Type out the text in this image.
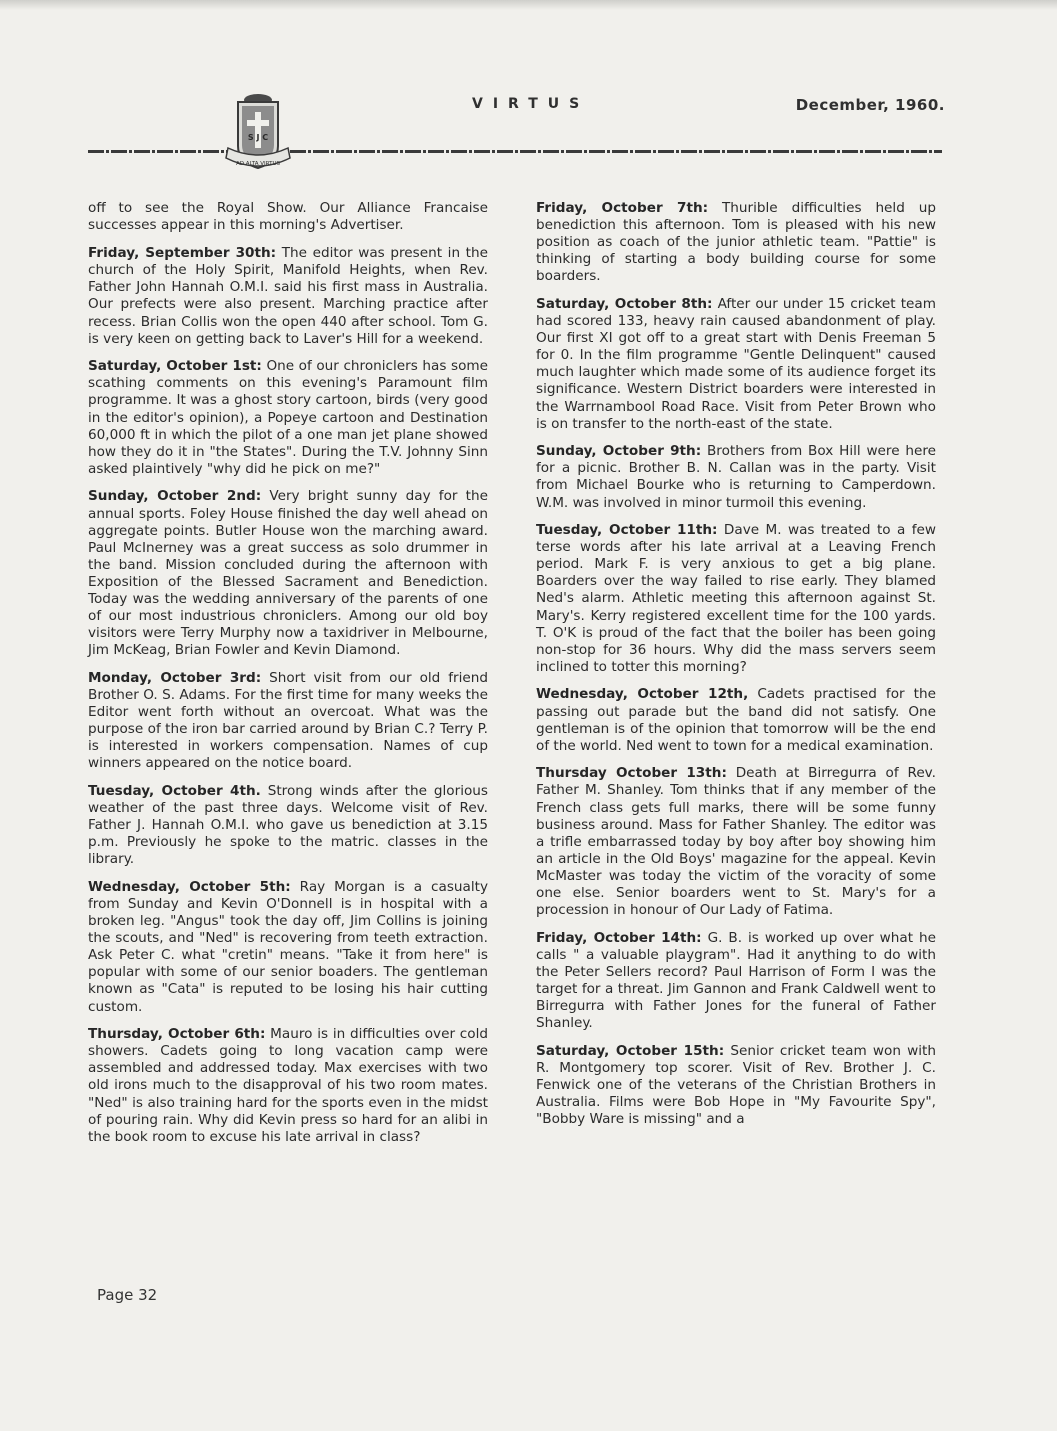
S J C
AD ALTA VIRTUS
VIRTUS	December, 1960.

off to see the Royal Show. Our Alliance Francaise successes appear in this morning's Advertiser.

Friday, September 30th: The editor was present in the church of the Holy Spirit, Manifold Heights, when Rev. Father John Hannah O.M.I. said his first mass in Australia. Our prefects were also present. Marching practice after recess. Brian Collis won the open 440 after school. Tom G. is very keen on getting back to Laver's Hill for a weekend.

Saturday, October 1st: One of our chroniclers has some scathing comments on this evening's Paramount film programme. It was a ghost story cartoon, birds (very good in the editor's opinion), a Popeye cartoon and Destination 60,000 ft in which the pilot of a one man jet plane showed how they do it in "the States". During the T.V. Johnny Sinn asked plaintively "why did he pick on me?"

Sunday, October 2nd: Very bright sunny day for the annual sports. Foley House finished the day well ahead on aggregate points. Butler House won the marching award. Paul McInerney was a great success as solo drummer in the band. Mission concluded during the afternoon with Exposition of the Blessed Sacrament and Benediction. Today was the wedding anniversary of the parents of one of our most industrious chroniclers. Among our old boy visitors were Terry Murphy now a taxidriver in Melbourne, Jim McKeag, Brian Fowler and Kevin Diamond.

Monday, October 3rd: Short visit from our old friend Brother O. S. Adams. For the first time for many weeks the Editor went forth without an overcoat. What was the purpose of the iron bar carried around by Brian C.? Terry P. is interested in workers compensation. Names of cup winners appeared on the notice board.

Tuesday, October 4th. Strong winds after the glorious weather of the past three days. Welcome visit of Rev. Father J. Hannah O.M.I. who gave us benediction at 3.15 p.m. Previously he spoke to the matric. classes in the library.

Wednesday, October 5th: Ray Morgan is a casualty from Sunday and Kevin O'Donnell is in hospital with a broken leg. "Angus" took the day off, Jim Collins is joining the scouts, and "Ned" is recovering from teeth extraction. Ask Peter C. what "cretin" means. "Take it from here" is popular with some of our senior boaders. The gentleman known as "Cata" is reputed to be losing his hair cutting custom.

Thursday, October 6th: Mauro is in difficulties over cold showers. Cadets going to long vacation camp were assembled and addressed today. Max exercises with two old irons much to the disapproval of his two room mates. "Ned" is also training hard for the sports even in the midst of pouring rain. Why did Kevin press so hard for an alibi in the book room to excuse his late arrival in class?

Friday, October 7th: Thurible difficulties held up benediction this afternoon. Tom is pleased with his new position as coach of the junior athletic team. "Pattie" is thinking of starting a body building course for some boarders.

Saturday, October 8th: After our under 15 cricket team had scored 133, heavy rain caused abandonment of play. Our first XI got off to a great start with Denis Freeman 5 for 0. In the film programme "Gentle Delinquent" caused much laughter which made some of its audience forget its significance. Western District boarders were interested in the Warrnambool Road Race. Visit from Peter Brown who is on transfer to the north-east of the state.

Sunday, October 9th: Brothers from Box Hill were here for a picnic. Brother B. N. Callan was in the party. Visit from Michael Bourke who is returning to Camperdown. W.M. was involved in minor turmoil this evening.

Tuesday, October 11th: Dave M. was treated to a few terse words after his late arrival at a Leaving French period. Mark F. is very anxious to get a big plane. Boarders over the way failed to rise early. They blamed Ned's alarm. Athletic meeting this afternoon against St. Mary's. Kerry registered excellent time for the 100 yards. T. O'K is proud of the fact that the boiler has been going non-stop for 36 hours. Why did the mass servers seem inclined to totter this morning?

Wednesday, October 12th, Cadets practised for the passing out parade but the band did not satisfy. One gentleman is of the opinion that tomorrow will be the end of the world. Ned went to town for a medical examination.

Thursday October 13th: Death at Birregurra of Rev. Father M. Shanley. Tom thinks that if any member of the French class gets full marks, there will be some funny business around. Mass for Father Shanley. The editor was a trifle embarrassed today by boy after boy showing him an article in the Old Boys' magazine for the appeal. Kevin McMaster was today the victim of the voracity of some one else. Senior boarders went to St. Mary's for a procession in honour of Our Lady of Fatima.

Friday, October 14th: G. B. is worked up over what he calls " a valuable playgram". Had it anything to do with the Peter Sellers record? Paul Harrison of Form I was the target for a threat. Jim Gannon and Frank Caldwell went to Birregurra with Father Jones for the funeral of Father Shanley.

Saturday, October 15th: Senior cricket team won with R. Montgomery top scorer. Visit of Rev. Brother J. C. Fenwick one of the veterans of the Christian Brothers in Australia. Films were Bob Hope in "My Favourite Spy", "Bobby Ware is missing" and a

Page 32
